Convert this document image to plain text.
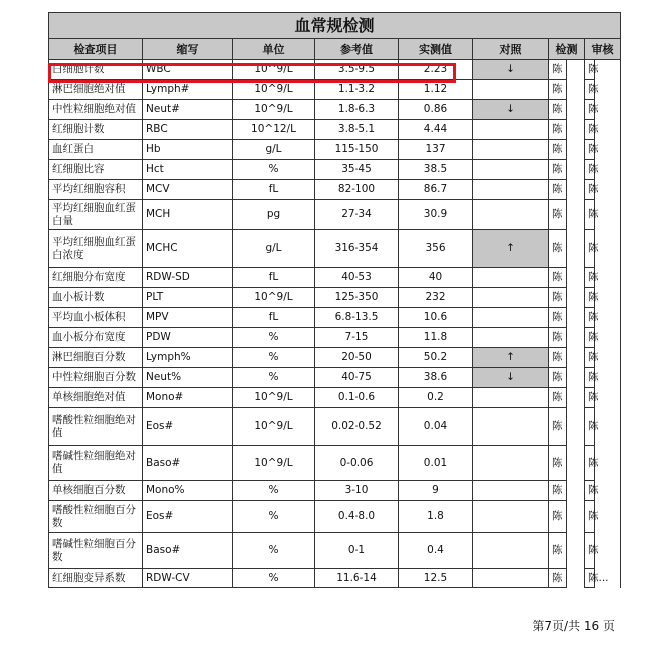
血常规检测									
检查项目	缩写	单位	参考值	实测值	对照	检测		审核	
白细胞计数	WBC	10^9/L	3.5-9.5	2.23	↓	陈		陈	
淋巴细胞绝对值	Lymph#	10^9/L	1.1-3.2	1.12		陈		陈	
中性粒细胞绝对值	Neut#	10^9/L	1.8-6.3	0.86	↓	陈		陈	
红细胞计数	RBC	10^12/L	3.8-5.1	4.44		陈		陈	
血红蛋白	Hb	g/L	115-150	137		陈		陈	
红细胞比容	Hct	%	35-45	38.5		陈		陈	
平均红细胞容积	MCV	fL	82-100	86.7		陈		陈	
平均红细胞血红蛋白量	MCH	pg	27-34	30.9		陈		陈	
平均红细胞血红蛋白浓度	MCHC	g/L	316-354	356	↑	陈		陈	
红细胞分布宽度	RDW-SD	fL	40-53	40		陈		陈	
血小板计数	PLT	10^9/L	125-350	232		陈		陈	
平均血小板体积	MPV	fL	6.8-13.5	10.6		陈		陈	
血小板分布宽度	PDW	%	7-15	11.8		陈		陈	
淋巴细胞百分数	Lymph%	%	20-50	50.2	↑	陈		陈	
中性粒细胞百分数	Neut%	%	40-75	38.6	↓	陈		陈	
单核细胞绝对值	Mono#	10^9/L	0.1-0.6	0.2		陈		陈	
嗜酸性粒细胞绝对值	Eos#	10^9/L	0.02-0.52	0.04		陈		陈	
嗜碱性粒细胞绝对值	Baso#	10^9/L	0-0.06	0.01		陈		陈	
单核细胞百分数	Mono%	%	3-10	9		陈		陈	
嗜酸性粒细胞百分数	Eos#	%	0.4-8.0	1.8		陈		陈	
嗜碱性粒细胞百分数	Baso#	%	0-1	0.4		陈		陈	
红细胞变异系数	RDW-CV	%	11.6-14	12.5		陈		陈...	
第7页/共 16 页
